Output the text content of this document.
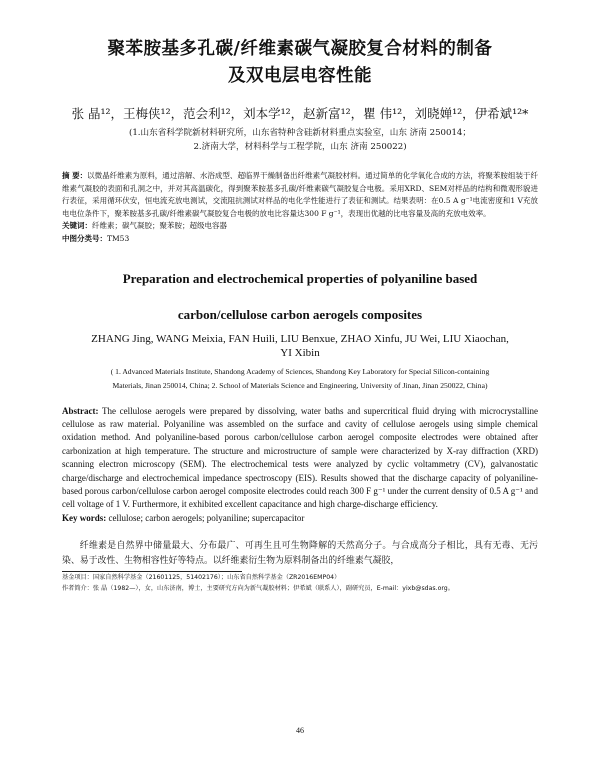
聚苯胺基多孔碳/纤维素碳气凝胶复合材料的制备
及双电层电容性能
张 晶¹²，王梅侠¹²，范会利¹²，刘本学¹²，赵新富¹²，瞿 伟¹²，刘晓婵¹²，伊希斌¹²*
(1.山东省科学院新材料研究所，山东省特种含硅新材料重点实验室，山东 济南 250014；
2.济南大学，材料科学与工程学院，山东 济南 250022)
摘 要：以微晶纤维素为原料，通过溶解、水浴成型、超临界干燥制备出纤维素气凝胶材料。通过简单的化学氧化合成的方法，将聚苯胺组装于纤维素气凝胶的表面和孔洞之中，并对其高温碳化，得到聚苯胺基多孔碳/纤维素碳气凝胶复合电极。采用XRD、SEM对样品的结构和微观形貌进行表征，采用循环伏安，恒电流充放电测试，交流阻抗测试对样品的电化学性能进行了表征和测试。结果表明：在0.5 A g⁻¹电流密度和1 V充放电电位条件下，聚苯胺基多孔碳/纤维素碳气凝胶复合电极的放电比容量达300 F g⁻¹，表现出优越的比电容量及高的充放电效率。
关键词：纤维素；碳气凝胶；聚苯胺；超级电容器
中图分类号：TM53
Preparation and electrochemical properties of polyaniline based
carbon/cellulose carbon aerogels composites
ZHANG Jing, WANG Meixia, FAN Huili, LIU Benxue, ZHAO Xinfu, JU Wei, LIU Xiaochan,
YI Xibin
( 1. Advanced Materials Institute, Shandong Academy of Sciences, Shandong Key Laboratory for Special Silicon-containing
Materials, Jinan 250014, China; 2. School of Materials Science and Engineering, University of Jinan, Jinan 250022, China)
Abstract: The cellulose aerogels were prepared by dissolving, water baths and supercritical fluid drying with microcrystalline cellulose as raw material. Polyaniline was assembled on the surface and cavity of cellulose aerogels using simple chemical oxidation method. And polyaniline-based porous carbon/cellulose carbon aerogel composite electrodes were obtained after carbonization at high temperature. The structure and microstructure of sample were characterized by X-ray diffraction (XRD) scanning electron microscopy (SEM). The electrochemical tests were analyzed by cyclic voltammetry (CV), galvanostatic charge/discharge and electrochemical impedance spectroscopy (EIS). Results showed that the discharge capacity of polyaniline-based porous carbon/cellulose carbon aerogel composite electrodes could reach 300 F g⁻¹ under the current density of 0.5 A g⁻¹ and cell voltage of 1 V. Furthermore, it exhibited excellent capacitance and high charge-discharge efficiency.
Key words: cellulose; carbon aerogels; polyaniline; supercapacitor
纤维素是自然界中储量最大、分布最广、可再生且可生物降解的天然高分子。与合成高分子相比，具有无毒、无污染、易于改性、生物相容性好等特点。以纤维素衍生物为原料制备出的纤维素气凝胶，
基金项目：国家自然科学基金（21601125，51402176）；山东省自然科学基金（ZR2016EMP04）
作者简介：张 晶（1982—），女，山东济南，博士，主要研究方向为新气凝胶材料；伊希斌（联系人），副研究员，E-mail：yixb@sdas.org。
46
